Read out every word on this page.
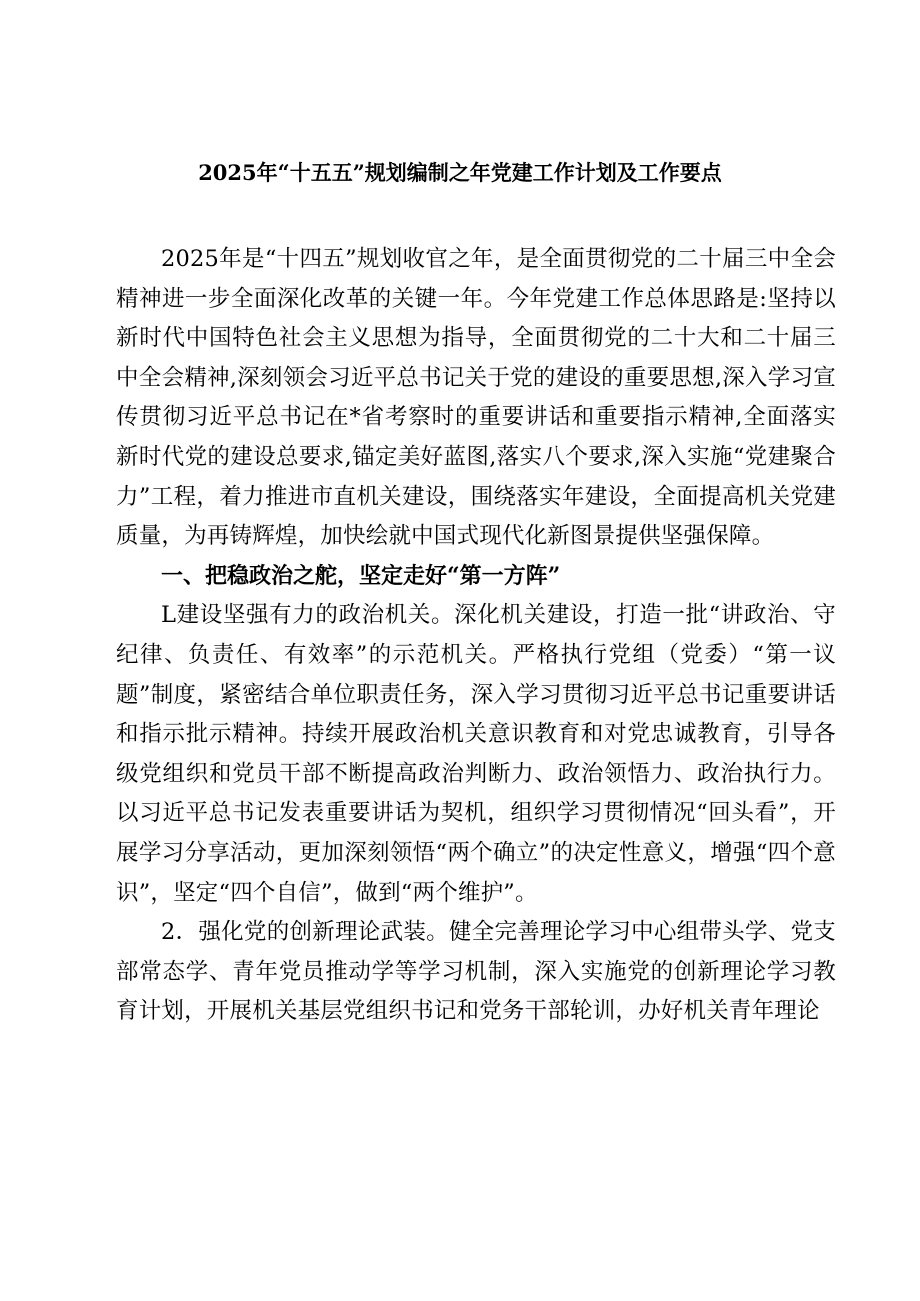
2025年“十五五”规划编制之年党建工作计划及工作要点

2025年是“十四五”规划收官之年，是全面贯彻党的二十届三中全会精神进一步全面深化改革的关键一年。今年党建工作总体思路是:坚持以新时代中国特色社会主义思想为指导，全面贯彻党的二十大和二十届三中全会精神,深刻领会习近平总书记关于党的建设的重要思想,深入学习宣传贯彻习近平总书记在*省考察时的重要讲话和重要指示精神,全面落实新时代党的建设总要求,锚定美好蓝图,落实八个要求,深入实施“党建聚合力”工程，着力推进市直机关建设，围绕落实年建设，全面提高机关党建质量，为再铸辉煌，加快绘就中国式现代化新图景提供坚强保障。

一、把稳政治之舵，坚定走好“第一方阵”

L建设坚强有力的政治机关。深化机关建设，打造一批“讲政治、守纪律、负责任、有效率”的示范机关。严格执行党组（党委）“第一议题”制度，紧密结合单位职责任务，深入学习贯彻习近平总书记重要讲话和指示批示精神。持续开展政治机关意识教育和对党忠诚教育，引导各级党组织和党员干部不断提高政治判断力、政治领悟力、政治执行力。以习近平总书记发表重要讲话为契机，组织学习贯彻情况“回头看”，开展学习分享活动，更加深刻领悟“两个确立”的决定性意义，增强“四个意识”，坚定“四个自信”，做到“两个维护”。

2．强化党的创新理论武装。健全完善理论学习中心组带头学、党支部常态学、青年党员推动学等学习机制，深入实施党的创新理论学习教育计划，开展机关基层党组织书记和党务干部轮训，办好机关青年理论
